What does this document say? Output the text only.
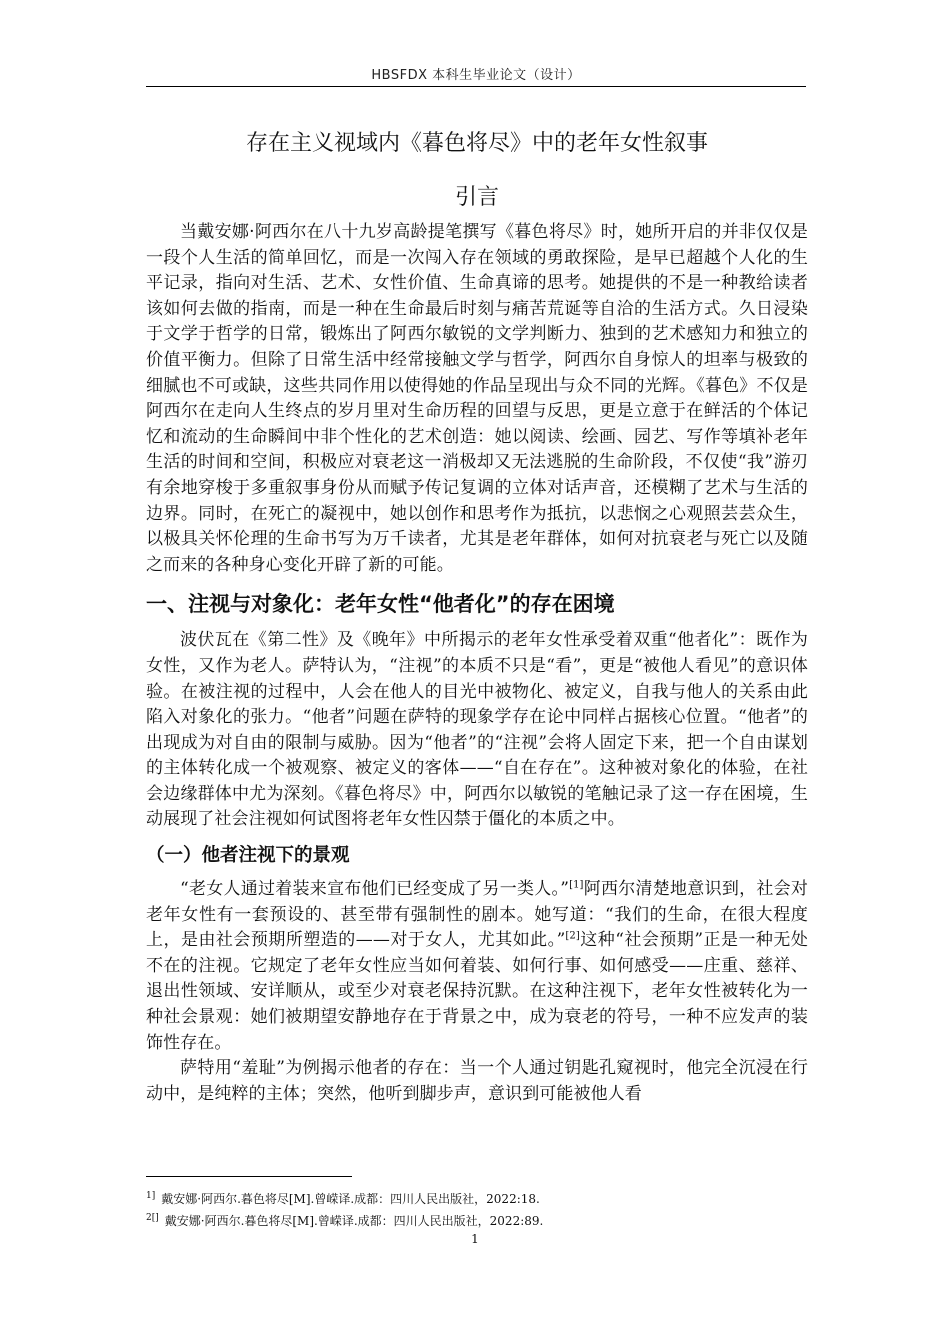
HBSFDX 本科生毕业论文（设计）
存在主义视域内《暮色将尽》中的老年女性叙事
引言

当戴安娜·阿西尔在八十九岁高龄提笔撰写《暮色将尽》时，她所开启的并非仅仅是一段个人生活的简单回忆，而是一次闯入存在领域的勇敢探险，是早已超越个人化的生平记录，指向对生活、艺术、女性价值、生命真谛的思考。她提供的不是一种教给读者该如何去做的指南，而是一种在生命最后时刻与痛苦荒诞等自洽的生活方式。久日浸染于文学于哲学的日常，锻炼出了阿西尔敏锐的文学判断力、独到的艺术感知力和独立的价值平衡力。但除了日常生活中经常接触文学与哲学，阿西尔自身惊人的坦率与极致的细腻也不可或缺，这些共同作用以使得她的作品呈现出与众不同的光辉。《暮色》不仅是阿西尔在走向人生终点的岁月里对生命历程的回望与反思，更是立意于在鲜活的个体记忆和流动的生命瞬间中非个性化的艺术创造：她以阅读、绘画、园艺、写作等填补老年生活的时间和空间，积极应对衰老这一消极却又无法逃脱的生命阶段，不仅使“我”游刃有余地穿梭于多重叙事身份从而赋予传记复调的立体对话声音，还模糊了艺术与生活的边界。同时，在死亡的凝视中，她以创作和思考作为抵抗，以悲悯之心观照芸芸众生，以极具关怀伦理的生命书写为万千读者，尤其是老年群体，如何对抗衰老与死亡以及随之而来的各种身心变化开辟了新的可能。

一、注视与对象化：老年女性“他者化”的存在困境

波伏瓦在《第二性》及《晚年》中所揭示的老年女性承受着双重“他者化”：既作为女性，又作为老人。萨特认为，“注视”的本质不只是“看”，更是“被他人看见”的意识体验。在被注视的过程中，人会在他人的目光中被物化、被定义，自我与他人的关系由此陷入对象化的张力。“他者”问题在萨特的现象学存在论中同样占据核心位置。“他者”的出现成为对自由的限制与威胁。因为“他者”的“注视”会将人固定下来，把一个自由谋划的主体转化成一个被观察、被定义的客体——“自在存在”。这种被对象化的体验，在社会边缘群体中尤为深刻。《暮色将尽》中，阿西尔以敏锐的笔触记录了这一存在困境，生动展现了社会注视如何试图将老年女性囚禁于僵化的本质之中。

（一）他者注视下的景观

“老女人通过着装来宣布他们已经变成了另一类人。”[1]阿西尔清楚地意识到，社会对老年女性有一套预设的、甚至带有强制性的剧本。她写道：“我们的生命，在很大程度上，是由社会预期所塑造的——对于女人，尤其如此。”[2]这种“社会预期”正是一种无处不在的注视。它规定了老年女性应当如何着装、如何行事、如何感受——庄重、慈祥、退出性领域、安详顺从，或至少对衰老保持沉默。在这种注视下，老年女性被转化为一种社会景观：她们被期望安静地存在于背景之中，成为衰老的符号，一种不应发声的装饰性存在。

萨特用“羞耻”为例揭示他者的存在：当一个人通过钥匙孔窥视时，他完全沉浸在行动中，是纯粹的主体；突然，他听到脚步声，意识到可能被他人看

$^{1]}$ 戴安娜·阿西尔.暮色将尽[M].曾嵘译.成都：四川人民出版社，2022:18.
$^{2[]}$ 戴安娜·阿西尔.暮色将尽[M].曾嵘译.成都：四川人民出版社，2022:89.
1
